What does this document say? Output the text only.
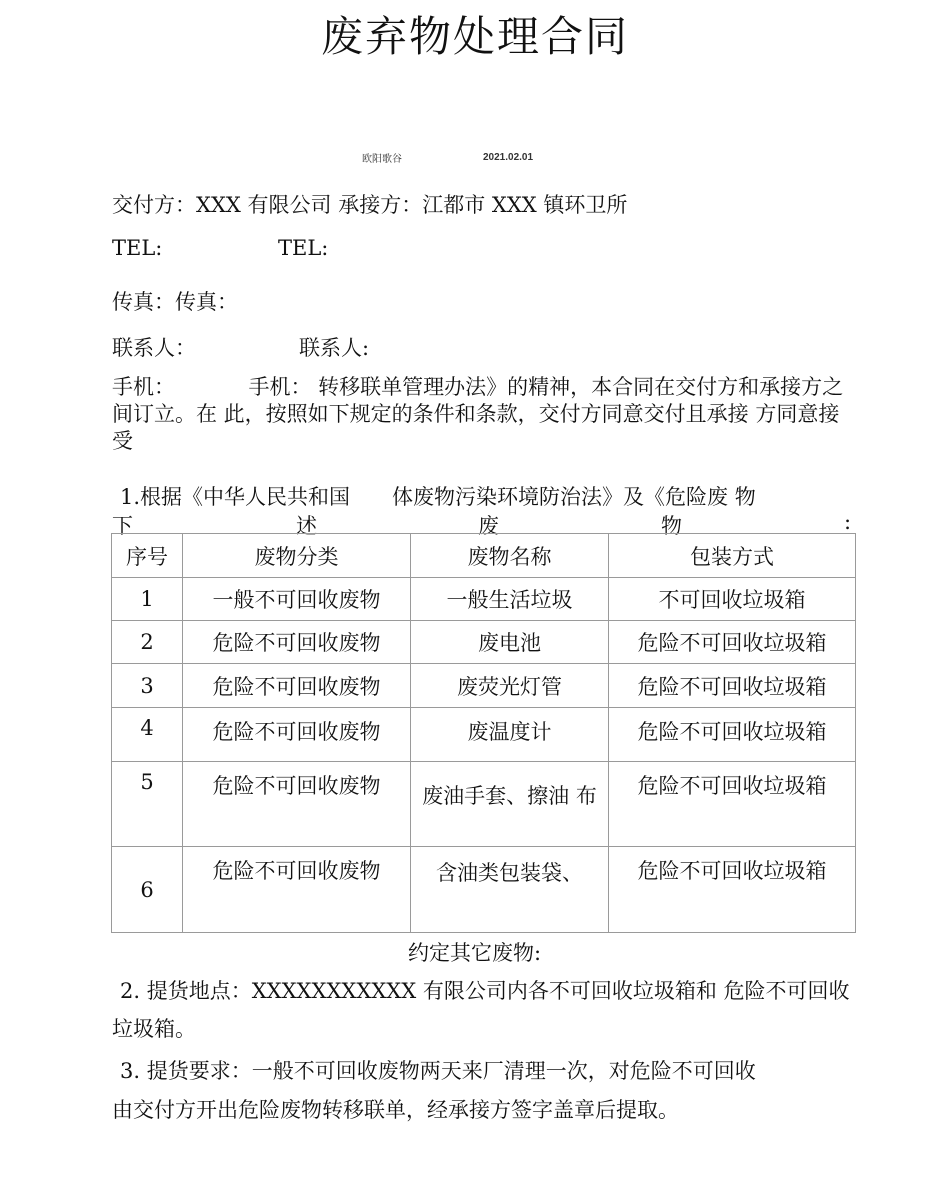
废弃物处理合同
欧阳歌谷	2021.02.01
交付方：XXX 有限公司 承接方：江都市 XXX 镇环卫所
TEL:	TEL:
传真：传真：
联系人：	联系人:
手机：　　　　手机： 转移联单管理办法》的精神，本合同在交付方和承接方之间订立。在 此，按照如下规定的条件和条款，交付方同意交付且承接 方同意接受
1.根据《中华人民共和国　　体废物污染环境防治法》及《危险废 物
下	述	废	物	:
序号	废物分类	废物名称	包装方式
1	一般不可回收废物	一般生活垃圾	不可回收垃圾箱
2	危险不可回收废物	废电池	危险不可回收垃圾箱
3	危险不可回收废物	废荧光灯管	危险不可回收垃圾箱
4	危险不可回收废物	废温度计	危险不可回收垃圾箱
5	危险不可回收废物	废油手套、擦油 布	危险不可回收垃圾箱
6	危险不可回收废物	含油类包装袋、	危险不可回收垃圾箱
约定其它废物:
2. 提货地点：XXXXXXXXXXX 有限公司内各不可回收垃圾箱和 危险不可回收垃圾箱。
3. 提货要求：一般不可回收废物两天来厂清理一次，对危险不可回收
由交付方开出危险废物转移联单，经承接方签字盖章后提取。
